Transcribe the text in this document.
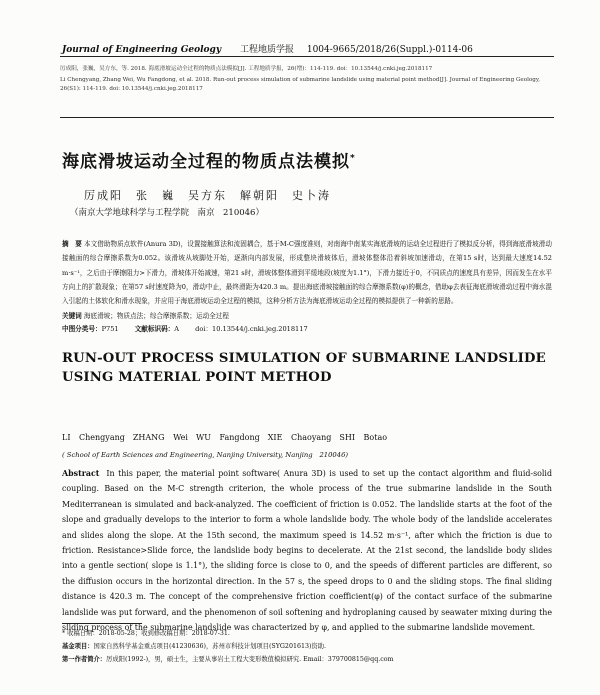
Journal of Engineering Geology 工程地质学报 1004-9665/2018/26(Suppl.)-0114-06

厉成阳，张巍，吴方东，等. 2018. 海底滑坡运动全过程的物质点法模拟[J]. 工程地质学报，26(增)：114-119. doi：10.13544/j.cnki.jeg.2018117

Li Chengyang, Zhang Wei, Wu Fangdong, et al. 2018. Run-out process simulation of submarine landslide using material point method[J]. Journal of Engineering Geology, 26(S1): 114-119. doi: 10.13544/j.cnki.jeg.2018117

海底滑坡运动全过程的物质点法模拟*
厉成阳　张　巍　吴方东　解朝阳　史卜涛
（南京大学地球科学与工程学院　南京　210046）
摘　要 本文借助物质点软件(Anura 3D)，设置接触算法和流固耦合，基于M-C强度准则，对南海中南某实海底滑坡的运动全过程进行了模拟反分析，得到海底滑坡滑动接触面的综合摩擦系数为0.052。该滑坡从坡脚处开始，逐渐向内部发展，形成整块滑坡体后，滑坡体整体沿着斜坡加速滑动，在第15 s时，达到最大速度14.52 m·s⁻¹，之后由于摩擦阻力>下滑力，滑坡体开始减速，第21 s时，滑坡体整体滑到平缓地段(坡度为1.1°)，下滑力接近于0，不同质点的速度具有差异，因而发生在水平方向上的扩散现象；在第57 s时速度降为0，滑动中止，最终滑距为420.3 m。提出海底滑坡接触面的综合摩擦系数(φ)的概念，借助φ去表征海底滑坡滑动过程中海水混入引起的土体软化和滑水现象，并应用于海底滑坡运动全过程的模拟，这种分析方法为海底滑坡运动全过程的模拟提供了一种新的思路。
关键词 海底滑坡；物质点法；综合摩擦系数；运动全过程
中图分类号：P751 文献标识码：A doi：10.13544/j.cnki.jeg.2018117
RUN-OUT PROCESS SIMULATION OF SUBMARINE LANDSLIDE USING MATERIAL POINT METHOD
LI Chengyang　ZHANG Wei　WU Fangdong　XIE Chaoyang　SHI Botao
( School of Earth Sciences and Engineering, Nanjing University, Nanjing　210046)
Abstract In this paper, the material point software( Anura 3D) is used to set up the contact algorithm and fluid-solid coupling. Based on the M-C strength criterion, the whole process of the true submarine landslide in the South Mediterranean is simulated and back-analyzed. The coefficient of friction is 0.052. The landslide starts at the foot of the slope and gradually develops to the interior to form a whole landslide body. The whole body of the landslide accelerates and slides along the slope. At the 15th second, the maximum speed is 14.52 m·s⁻¹, after which the friction is due to friction. Resistance>Slide force, the landslide body begins to decelerate. At the 21st second, the landslide body slides into a gentle section( slope is 1.1°), the sliding force is close to 0, and the speeds of different particles are different, so the diffusion occurs in the horizontal direction. In the 57 s, the speed drops to 0 and the sliding stops. The final sliding distance is 420.3 m. The concept of the comprehensive friction coefficient(φ) of the contact surface of the submarine landslide was put forward, and the phenomenon of soil softening and hydroplaning caused by seawater mixing during the sliding process of the submarine landslide was characterized by φ, and applied to the submarine landslide movement.

* 收稿日期：2018-05-28；收到修改稿日期：2018-07-31.

基金项目：国家自然科学基金重点项目(41230636)，苏州市科技计划项目(SYG201613)资助.

第一作者简介：厉成阳(1992-)，男，硕士生，主要从事岩土工程大变形数值模拟研究. Email：379700815@qq.com
